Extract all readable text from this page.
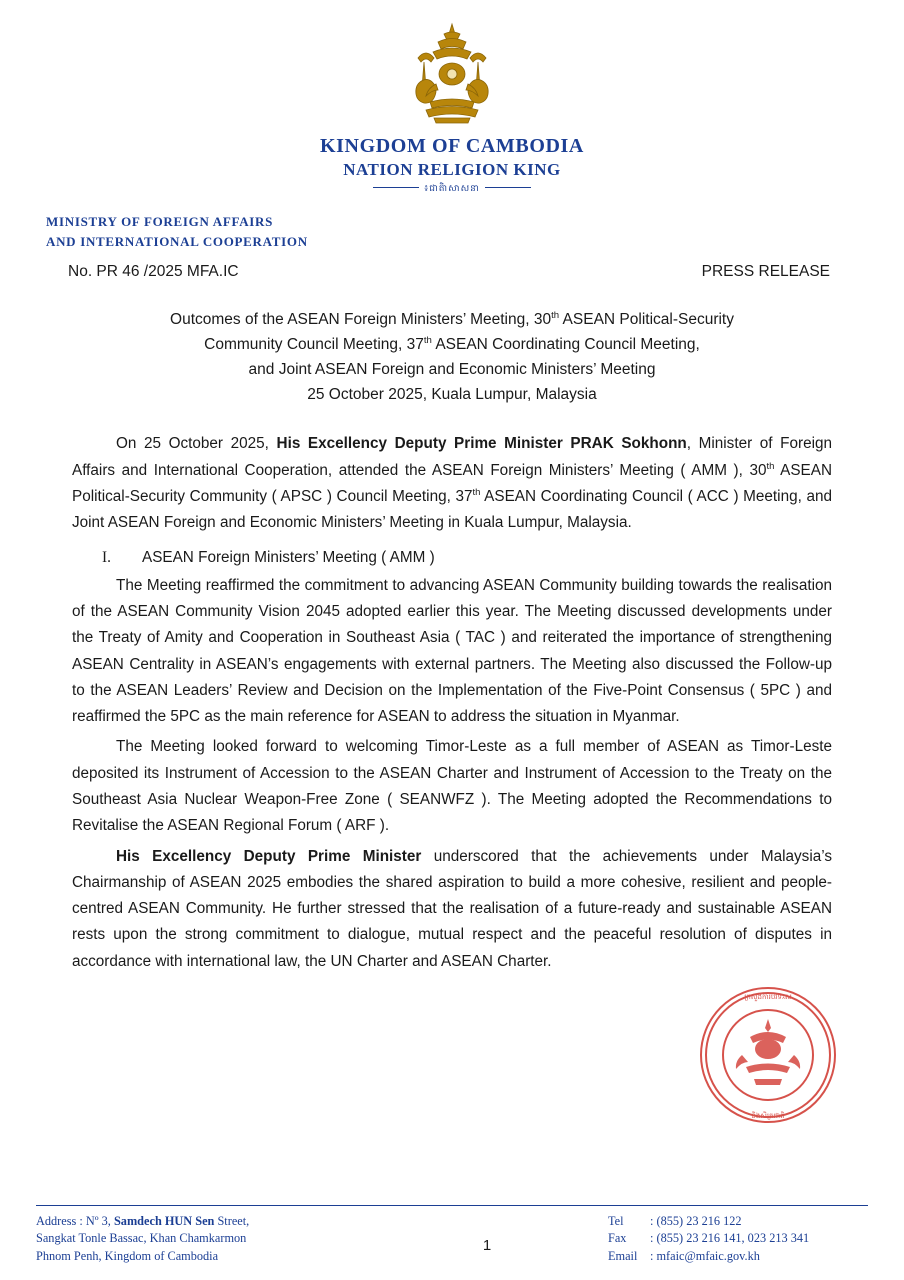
KINGDOM OF CAMBODIA
NATION RELIGION KING
៖ជាតិាសាសនា
MINISTRY OF FOREIGN AFFAIRS
AND INTERNATIONAL COOPERATION
No. PR 46 /2025 MFA.IC	PRESS RELEASE
Outcomes of the ASEAN Foreign Ministers’ Meeting, 30th ASEAN Political-Security
Community Council Meeting, 37th ASEAN Coordinating Council Meeting,
and Joint ASEAN Foreign and Economic Ministers’ Meeting
25 October 2025, Kuala Lumpur, Malaysia

On 25 October 2025, His Excellency Deputy Prime Minister PRAK Sokhonn, Minister of Foreign Affairs and International Cooperation, attended the ASEAN Foreign Ministers’ Meeting ( AMM ), 30th ASEAN Political-Security Community ( APSC ) Council Meeting, 37th ASEAN Coordinating Council ( ACC ) Meeting, and Joint ASEAN Foreign and Economic Ministers’ Meeting in Kuala Lumpur, Malaysia.

I.	ASEAN Foreign Ministers’ Meeting ( AMM )

The Meeting reaffirmed the commitment to advancing ASEAN Community building towards the realisation of the ASEAN Community Vision 2045 adopted earlier this year. The Meeting discussed developments under the Treaty of Amity and Cooperation in Southeast Asia ( TAC ) and reiterated the importance of strengthening ASEAN Centrality in ASEAN’s engagements with external partners. The Meeting also discussed the Follow-up to the ASEAN Leaders’ Review and Decision on the Implementation of the Five-Point Consensus ( 5PC ) and reaffirmed the 5PC as the main reference for ASEAN to address the situation in Myanmar.

The Meeting looked forward to welcoming Timor-Leste as a full member of ASEAN as Timor-Leste deposited its Instrument of Accession to the ASEAN Charter and Instrument of Accession to the Treaty on the Southeast Asia Nuclear Weapon-Free Zone ( SEANWFZ ). The Meeting adopted the Recommendations to Revitalise the ASEAN Regional Forum ( ARF ).

His Excellency Deputy Prime Minister underscored that the achievements under Malaysia’s Chairmanship of ASEAN 2025 embodies the shared aspiration to build a more cohesive, resilient and people-centred ASEAN Community. He further stressed that the realisation of a future-ready and sustainable ASEAN rests upon the strong commitment to dialogue, mutual respect and the peaceful resolution of disputes in accordance with international law, the UN Charter and ASEAN Charter.

ក្រសួងការបរទ៱ស
និងសិត្រជាតិ
Address : Nº 3, Samdech HUN Sen Street,
Sangkat Tonle Bassac, Khan Chamkarmon
Phnom Penh, Kingdom of Cambodia
1
Tel : (855) 23 216 122
Fax : (855) 23 216 141, 023 213 341
Email : mfaic@mfaic.gov.kh
